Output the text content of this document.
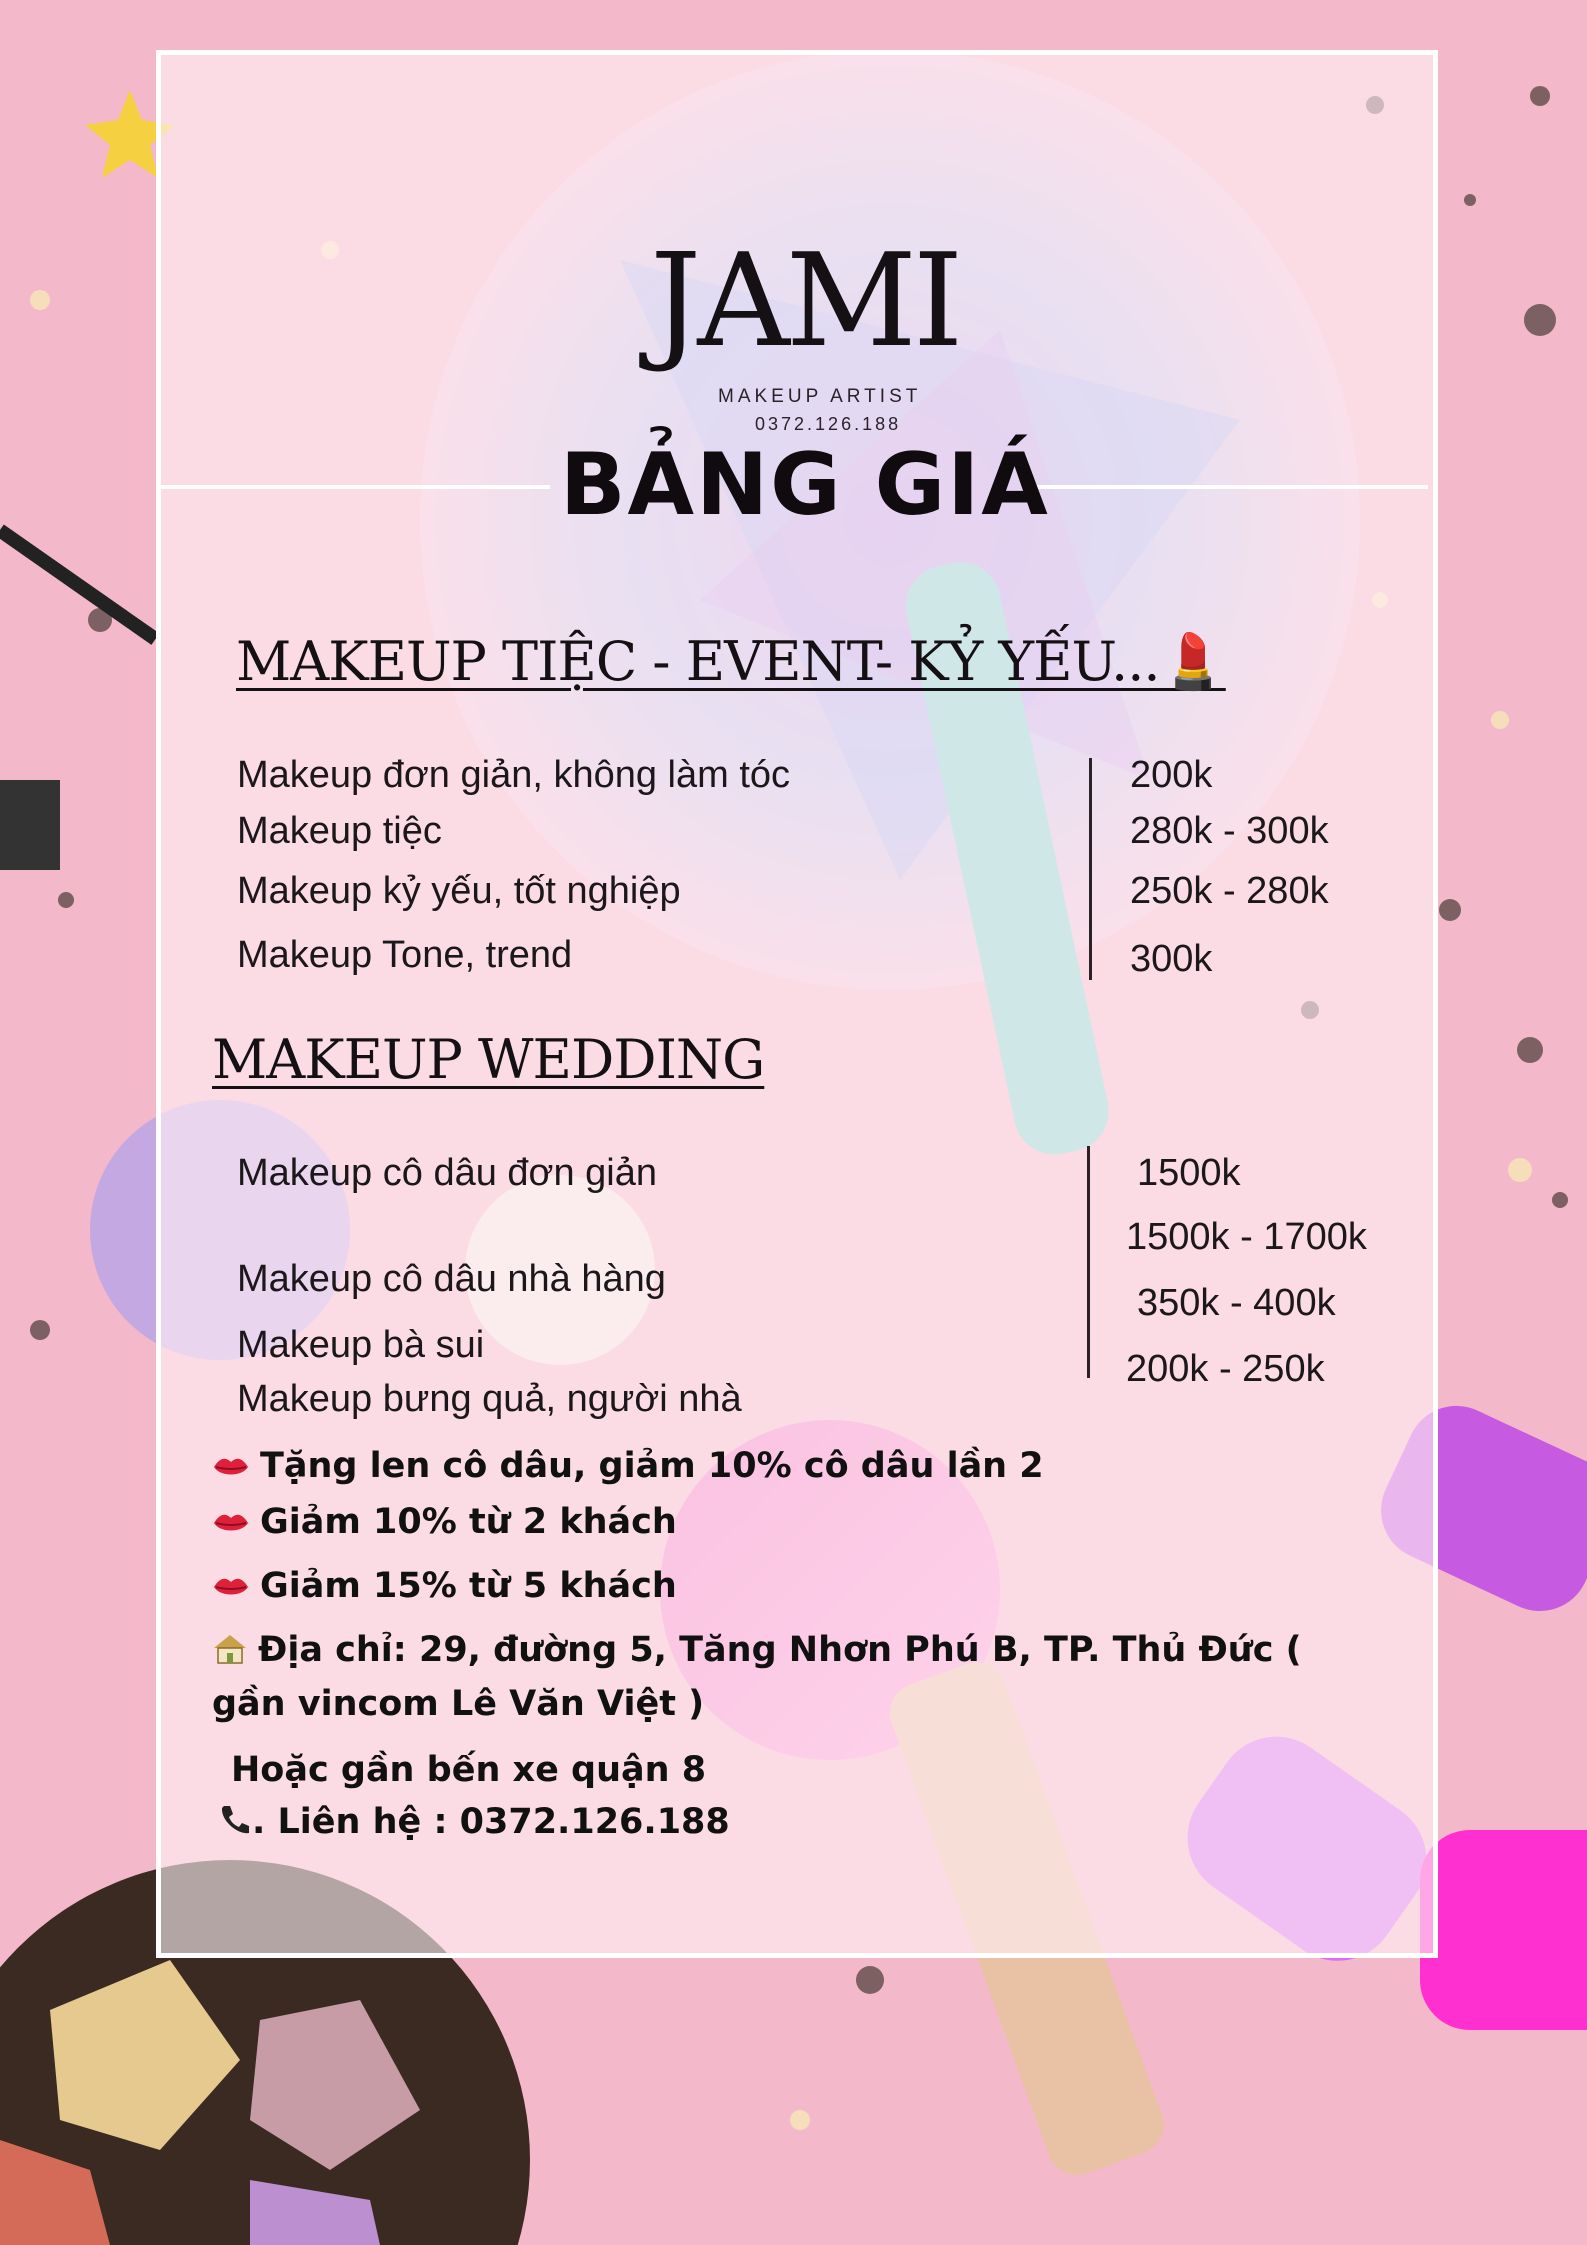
JAMI
MAKEUP ARTIST
0372.126.188
BẢNG GIÁ
MAKEUP TIỆC - EVENT- KỶ YẾU...💄
Makeup đơn giản, không làm tóc
Makeup tiệc
Makeup kỷ yếu, tốt nghiệp
Makeup Tone, trend
200k
280k - 300k
250k - 280k
300k
MAKEUP WEDDING
Makeup cô dâu đơn giản
Makeup cô dâu nhà hàng
Makeup bà sui
Makeup bưng quả, người nhà
1500k
1500k - 1700k
350k - 400k
200k - 250k
Tặng len cô dâu, giảm 10% cô dâu lần 2
Giảm 10% từ 2 khách
Giảm 15% từ 5 khách
Địa chỉ: 29, đường 5, Tăng Nhơn Phú B, TP. Thủ Đức (
gần vincom Lê Văn Việt )
Hoặc gần bến xe quận 8
. Liên hệ : 0372.126.188
